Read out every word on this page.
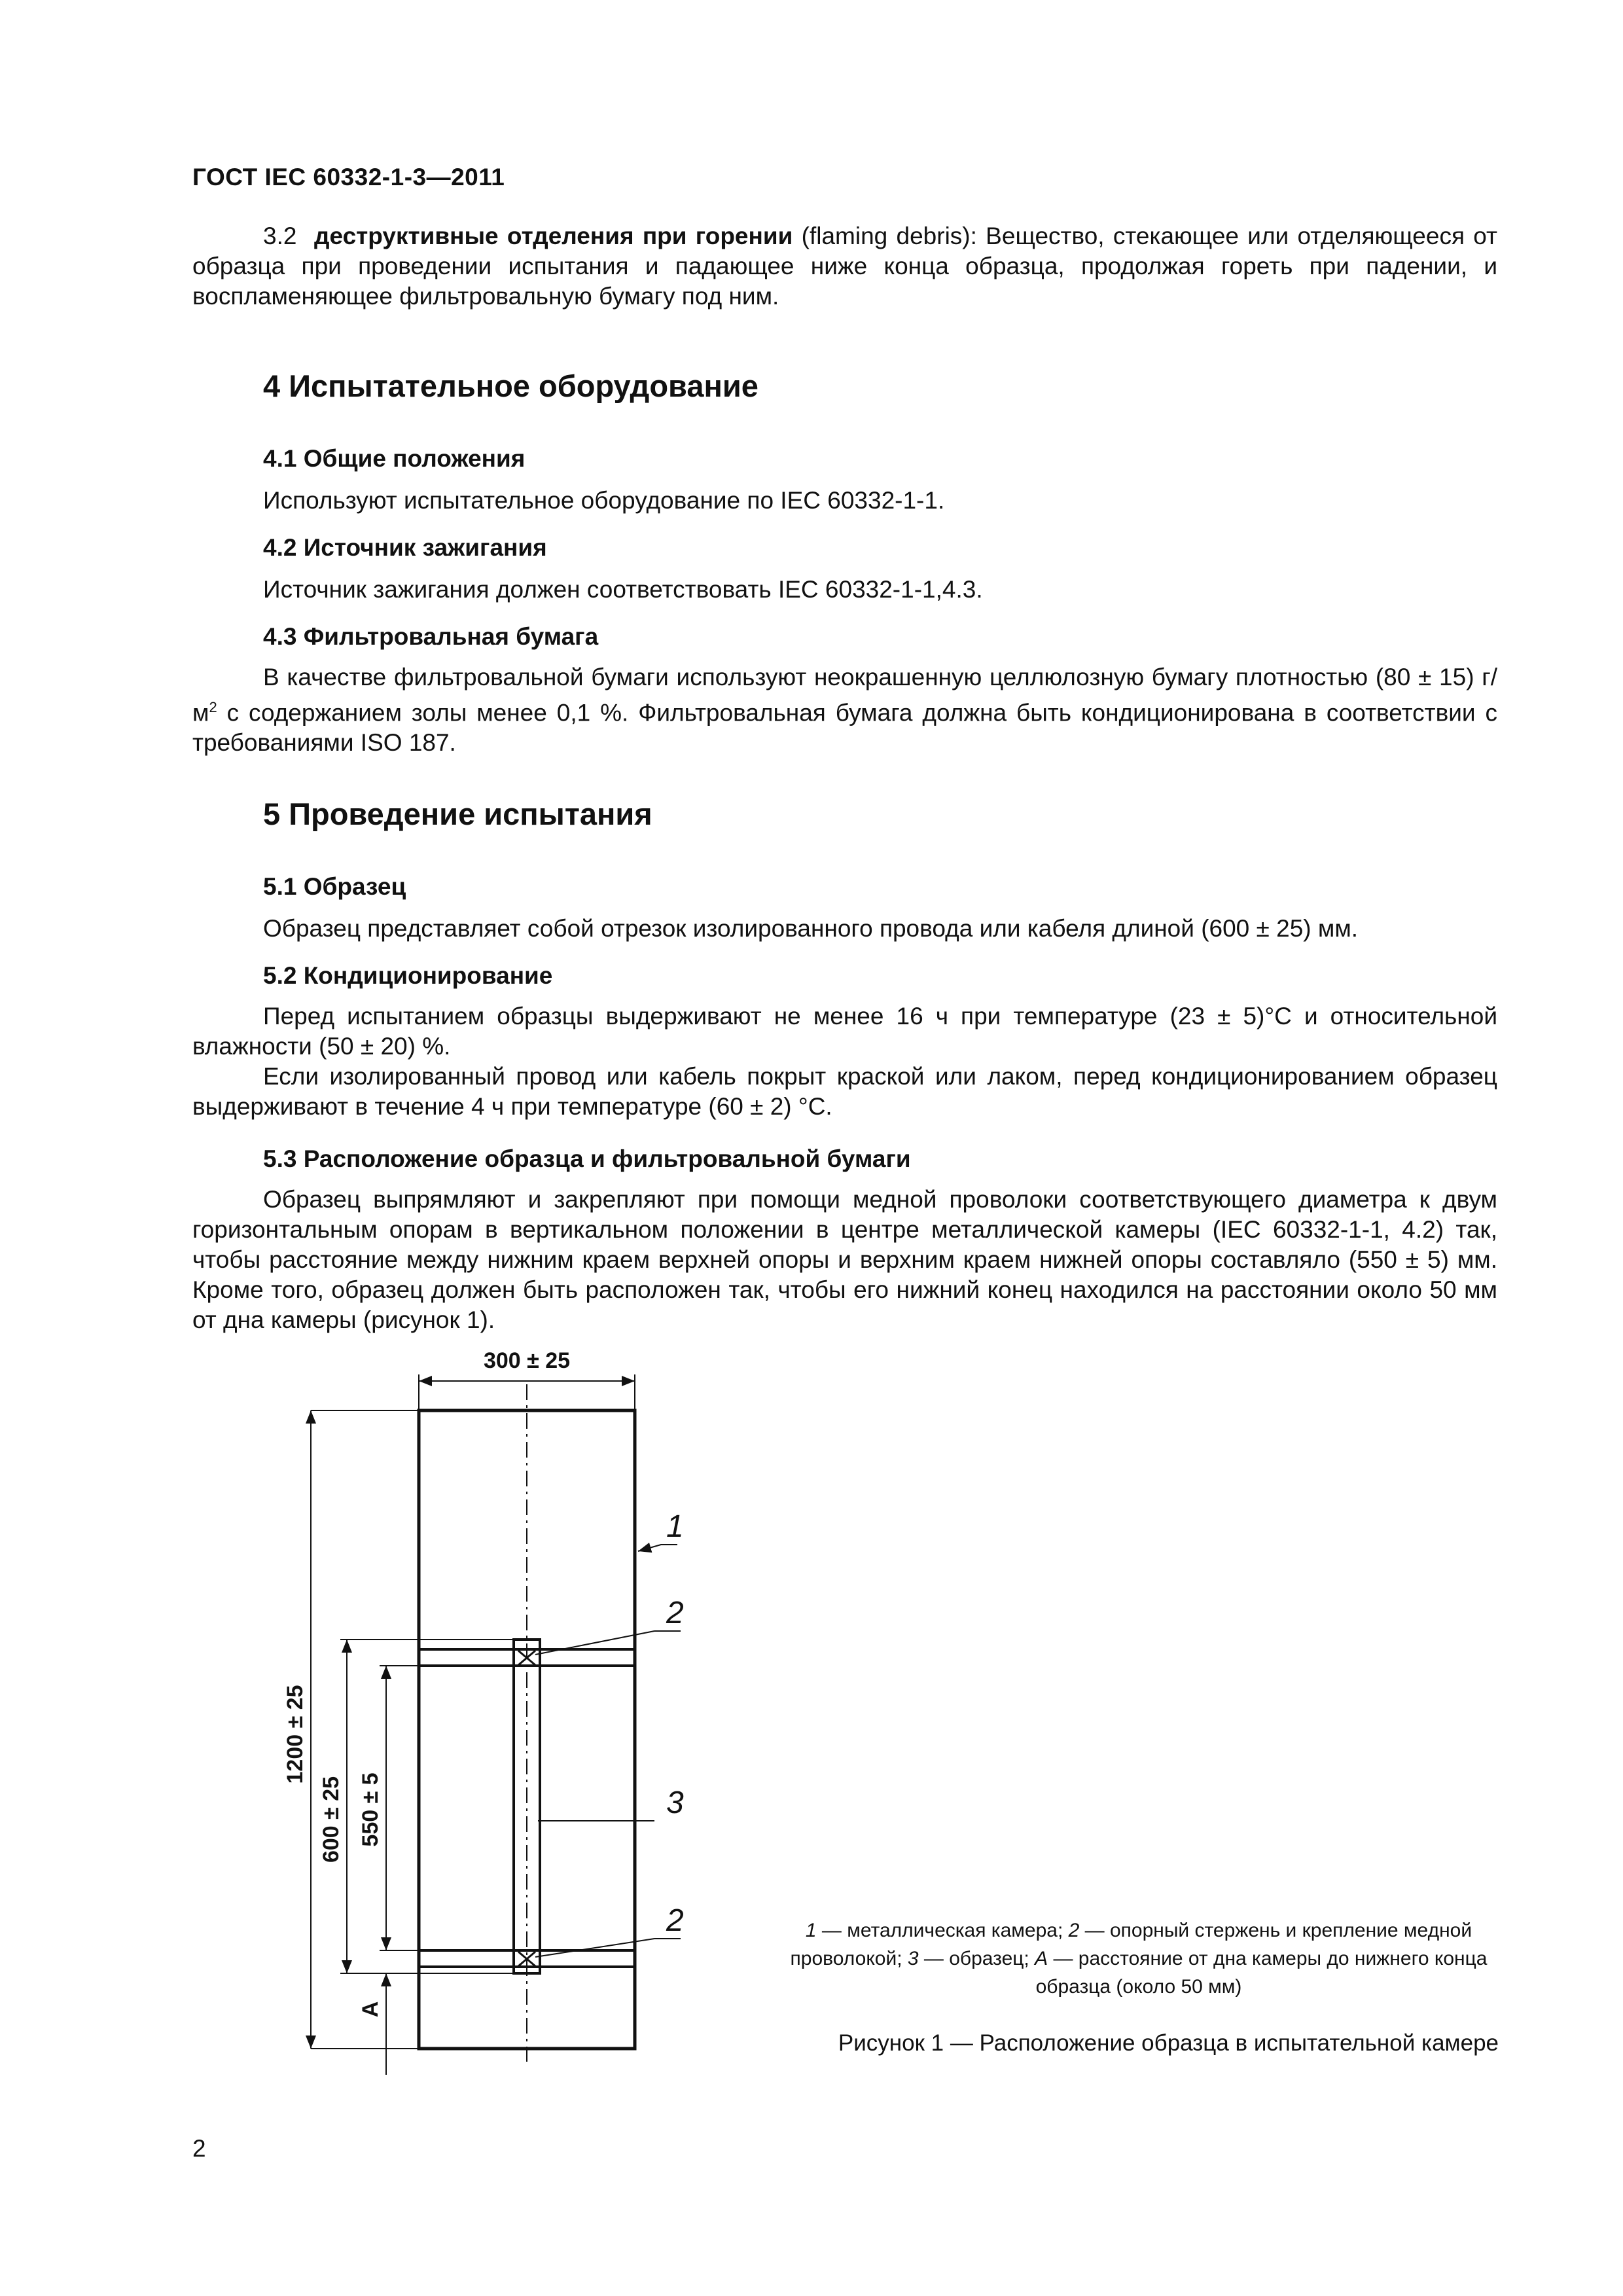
ГОСТ IEC 60332-1-3—2011

3.2 деструктивные отделения при горении (flaming debris): Вещество, стекающее или отделяющееся от образца при проведении испытания и падающее ниже конца образца, продолжая гореть при падении, и воспламеняющее фильтровальную бумагу под ним.

4 Испытательное оборудование
4.1 Общие положения
Используют испытательное оборудование по IEC 60332-1-1.
4.2 Источник зажигания
Источник зажигания должен соответствовать IEC 60332-1-1,4.3.
4.3 Фильтровальная бумага

В качестве фильтровальной бумаги используют неокрашенную целлюлозную бумагу плотностью (80 ± 15) $г/м^2$ с содержанием золы менее 0,1 %. Фильтровальная бумага должна быть кондиционирована в соответствии с требованиями ISO 187.

5 Проведение испытания
5.1 Образец
Образец представляет собой отрезок изолированного провода или кабеля длиной (600 ± 25) мм.
5.2 Кондиционирование

Перед испытанием образцы выдерживают не менее 16 ч при температуре (23 ± 5)°С и относительной влажности (50 ± 20) %.

Если изолированный провод или кабель покрыт краской или лаком, перед кондиционированием образец выдерживают в течение 4 ч при температуре (60 ± 2) °С.

5.3 Расположение образца и фильтровальной бумаги

Образец выпрямляют и закрепляют при помощи медной проволоки соответствующего диаметра к двум горизонтальным опорам в вертикальном положении в центре металлической камеры (IEC 60332-1-1, 4.2) так, чтобы расстояние между нижним краем верхней опоры и верхним краем нижней опоры составляло (550 ± 5) мм. Кроме того, образец должен быть расположен так, чтобы его нижний конец находился на расстоянии около 50 мм от дна камеры (рисунок 1).

300 ± 25
1200 ± 25
600 ± 25 550 ± 5
А
1
2
3
2	1 — металлическая камера; 2 — опорный стержень и крепление медной проволокой; 3 — образец; А — расстояние от дна камеры до нижнего конца образца (около 50 мм)
Рисунок 1 — Расположение образца в испытательной камере
2
